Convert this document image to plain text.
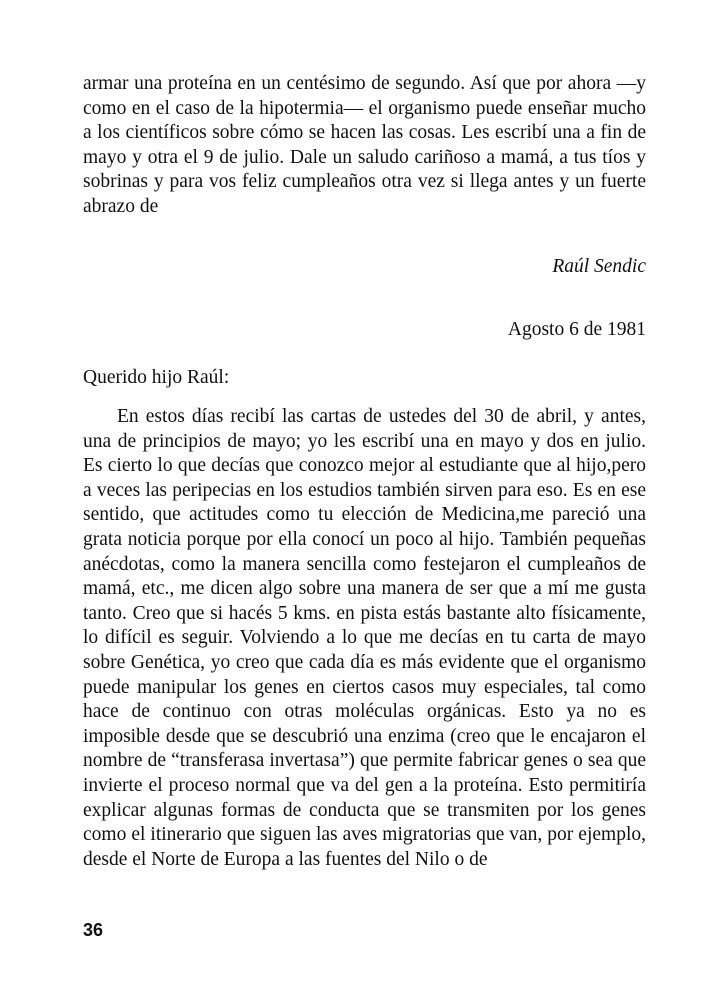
armar una proteína en un centésimo de segundo. Así que por ahora —y como en el caso de la hipotermia— el organismo puede enseñar mucho a los científicos sobre cómo se hacen las cosas. Les escribí una a fin de mayo y otra el 9 de julio. Dale un saludo cariñoso a mamá, a tus tíos y sobrinas y para vos feliz cumpleaños otra vez si llega antes y un fuerte abrazo de

Raúl Sendic
Agosto 6 de 1981
Querido hijo Raúl:

En estos días recibí las cartas de ustedes del 30 de abril, y antes, una de principios de mayo; yo les escribí una en mayo y dos en julio. Es cierto lo que decías que conozco mejor al estudiante que al hijo,pero a veces las peripecias en los estudios también sirven para eso. Es en ese sentido, que actitudes como tu elección de Medicina,me pareció una grata noticia porque por ella conocí un poco al hijo. También pequeñas anécdotas, como la manera sencilla como festejaron el cumpleaños de mamá, etc., me dicen algo sobre una manera de ser que a mí me gusta tanto. Creo que si hacés 5 kms. en pista estás bastante alto físicamente, lo difícil es seguir. Volviendo a lo que me decías en tu carta de mayo sobre Genética, yo creo que cada día es más evidente que el organismo puede manipular los genes en ciertos casos muy especiales, tal como hace de continuo con otras moléculas orgánicas. Esto ya no es imposible desde que se descubrió una enzima (creo que le encajaron el nombre de “transferasa invertasa”) que permite fabricar genes o sea que invierte el proceso normal que va del gen a la proteína. Esto permitiría explicar algunas formas de conducta que se transmiten por los genes como el itinerario que siguen las aves migratorias que van, por ejemplo, desde el Norte de Europa a las fuentes del Nilo o de

36
